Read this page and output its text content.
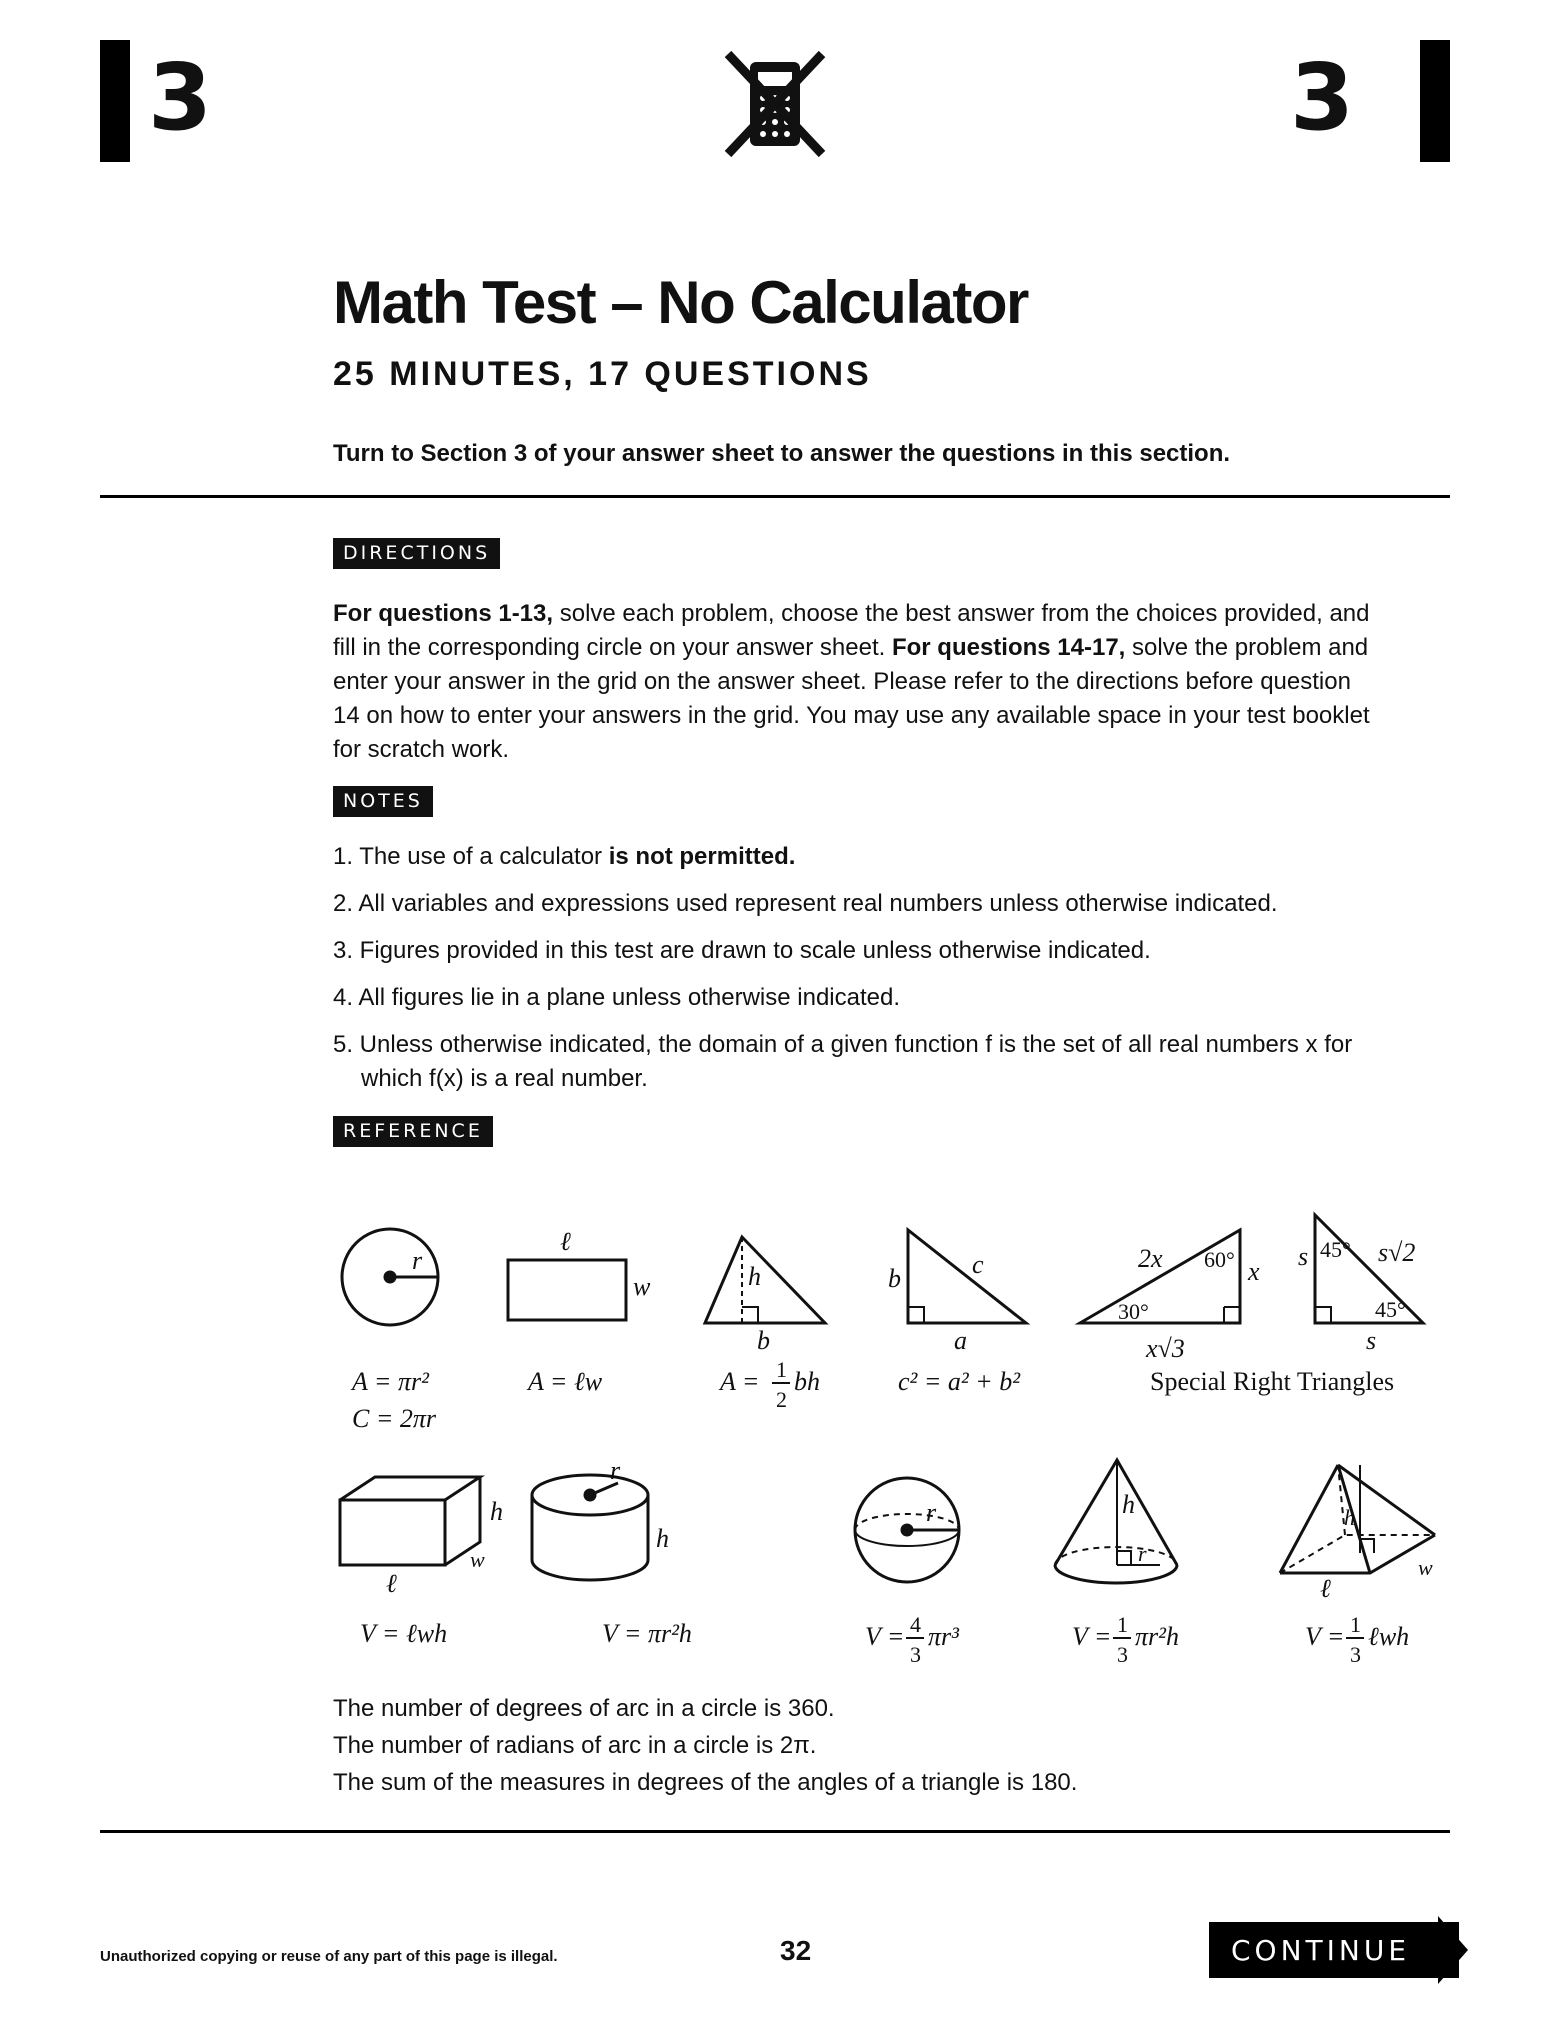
3	3
Math Test – No Calculator
25 MINUTES, 17 QUESTIONS
Turn to Section 3 of your answer sheet to answer the questions in this section.
DIRECTIONS
For questions 1-13, solve each problem, choose the best answer from the choices provided, and fill in the corresponding circle on your answer sheet. For questions 14-17, solve the problem and enter your answer in the grid on the answer sheet. Please refer to the directions before question 14 on how to enter your answers in the grid. You may use any available space in your test booklet for scratch work.
NOTES
1. The use of a calculator is not permitted.
2. All variables and expressions used represent real numbers unless otherwise indicated.
3. Figures provided in this test are drawn to scale unless otherwise indicated.
4. All figures lie in a plane unless otherwise indicated.
5. Unless otherwise indicated, the domain of a given function f is the set of all real numbers x for which f(x) is a real number.
REFERENCE
r
A = πr²
C = 2πr
ℓ
w
A = ℓw
h
b
A = 1
2
bh
b	c
a
c² = a² + b²
2x 60°
30°
x
x√3
s 45° s√2
45°
s
Special Right Triangles
h
w
ℓ
V = ℓwh
r
h
V = πr²h
r
V = 4
3
πr³
h
r
V = 1
3
πr²h
h
w
ℓ
V = 1
3
ℓwh
The number of degrees of arc in a circle is 360.
The number of radians of arc in a circle is 2π.
The sum of the measures in degrees of the angles of a triangle is 180.
Unauthorized copying or reuse of any part of this page is illegal.	32	CONTINUE
